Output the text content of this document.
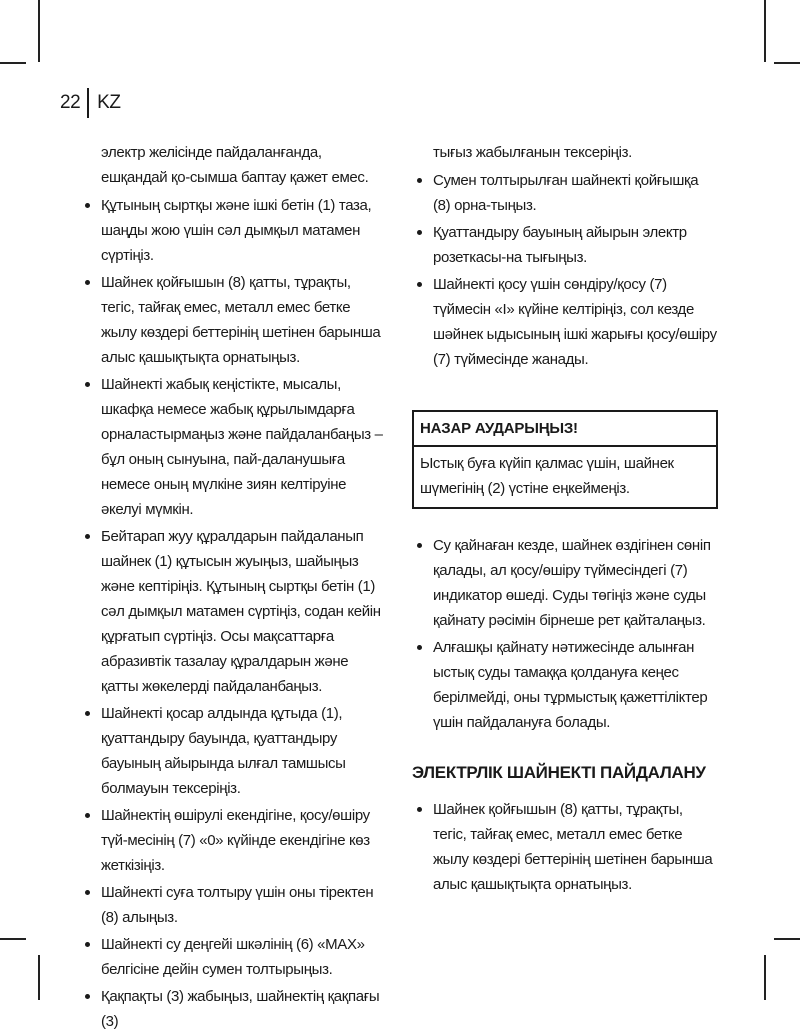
22 KZ

электр желісінде пайдаланғанда, ешқандай қо-сымша баптау қажет емес.

Құтының сыртқы және ішкі бетін (1) таза, шаңды жою үшін сәл дымқыл матамен сүртіңіз.
Шайнек қойғышын (8) қатты, тұрақты, тегіс, тайғақ емес, металл емес бетке жылу көздері беттерінің шетінен барынша алыс қашықтықта орнатыңыз.
Шайнекті жабық кеңістікте, мысалы, шкафқа немесе жабық құрылымдарға орналастырмаңыз және пайдаланбаңыз – бұл оның сынуына, пай-даланушыға немесе оның мүлкіне зиян келтіруіне әкелуі мүмкін.
Бейтарап жуу құралдарын пайдаланып шайнек (1) құтысын жуыңыз, шайыңыз және кептіріңіз. Құтының сыртқы бетін (1) сәл дымқыл матамен сүртіңіз, содан кейін құрғатып сүртіңіз. Осы мақсаттарға абразивтік тазалау құралдарын және қатты жөкелерді пайдаланбаңыз.
Шайнекті қосар алдында құтыда (1), қуаттандыру бауында, қуаттандыру бауының айырында ылғал тамшысы болмауын тексеріңіз.
Шайнектің өшірулі екендігіне, қосу/өшіру түй-месінің (7) «0» күйінде екендігіне көз жеткізіңіз.
Шайнекті суға толтыру үшін оны тіректен (8) алыңыз.
Шайнекті су деңгейі шкәлінің (6) «MAX» белгісіне дейін сумен толтырыңыз.
Қақпақты (3) жабыңыз, шайнектің қақпағы (3)

тығыз жабылғанын тексеріңіз.

Сумен толтырылған шайнекті қойғышқа (8) орна-тыңыз.
Қуаттандыру бауының айырын электр розеткасы-на тығыңыз.
Шайнекті қосу үшін сөндіру/қосу (7) түймесін «I» күйіне келтіріңіз, сол кезде шәйнек ыдысының ішкі жарығы қосу/өшіру (7) түймесінде жанады.
НАЗАР АУДАРЫҢЫЗ!
Ыстық буға күйіп қалмас үшін, шайнек шүмегінің (2) үстіне еңкеймеңіз.
Су қайнаған кезде, шайнек өздігінен сөніп қалады, ал қосу/өшіру түймесіндегі (7) индикатор өшеді. Суды төгіңіз және суды қайнату рәсімін бірнеше рет қайталаңыз.
Алғашқы қайнату нәтижесінде алынған ыстық суды тамаққа қолдануға кеңес берілмейді, оны тұрмыстық қажеттіліктер үшін пайдалануға болады.
ЭЛЕКТРЛІК ШАЙНЕКТІ ПАЙДАЛАНУ
Шайнек қойғышын (8) қатты, тұрақты, тегіс, тайғақ емес, металл емес бетке жылу көздері беттерінің шетінен барынша алыс қашықтықта орнатыңыз.
